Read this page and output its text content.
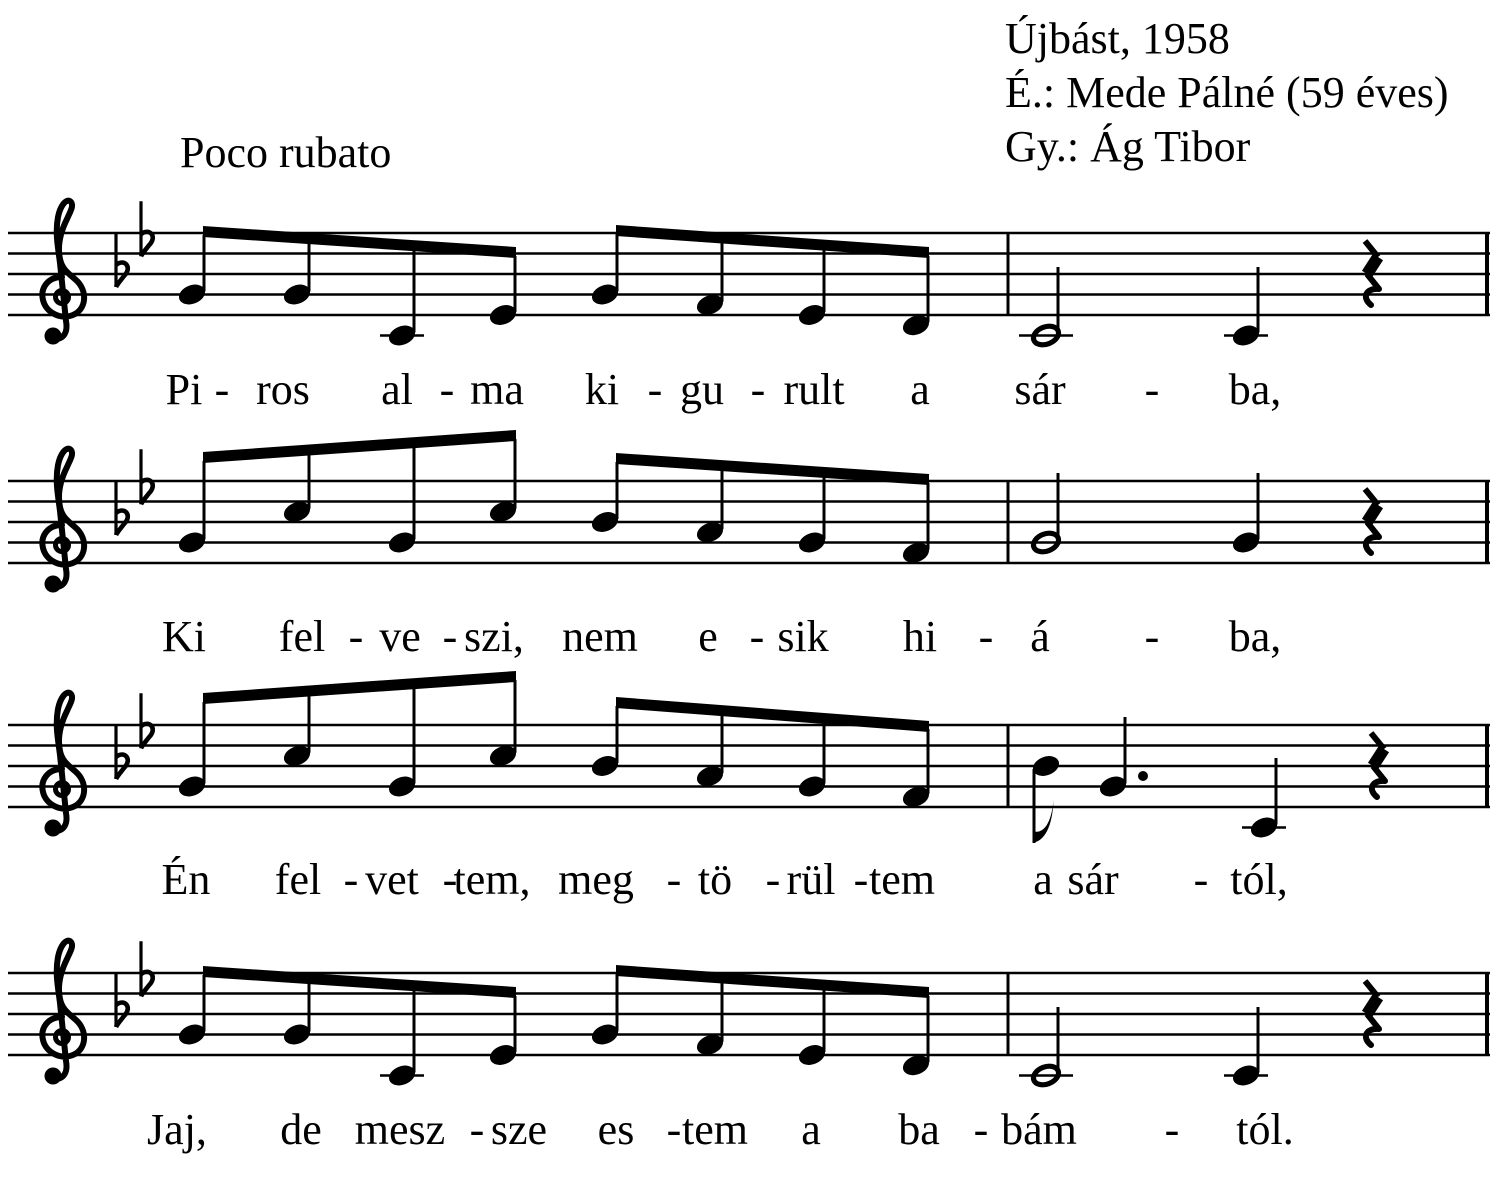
Poco rubato
Újbást, 1958
É.: Mede Pálné (59 éves)
Gy.: Ág Tibor
Pi - ros al - ma ki - gu - rult a sár - ba,
Ki fel - ve - szi, nem e - sik hi - á - ba,
Én fel - vet -
tem, meg - tö - rül - tem a sár - tól,
Jaj, de mesz - sze es - tem a ba - bám - tól.
